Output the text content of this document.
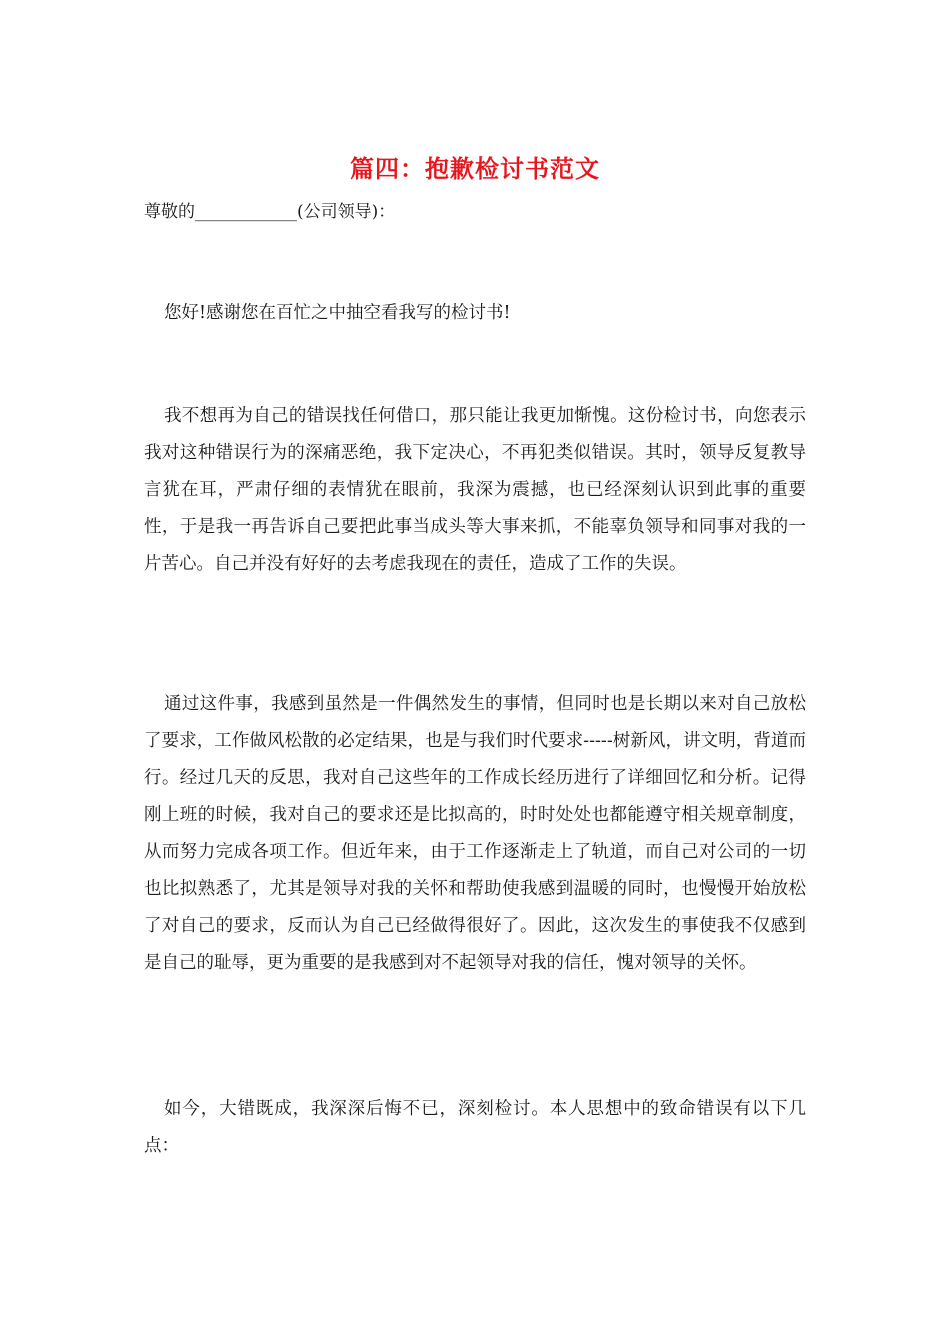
篇四：抱歉检讨书范文
尊敬的____________(公司领导)：

您好!感谢您在百忙之中抽空看我写的检讨书!

我不想再为自己的错误找任何借口，那只能让我更加惭愧。这份检讨书，向您表示我对这种错误行为的深痛恶绝，我下定决心，不再犯类似错误。其时，领导反复教导言犹在耳，严肃仔细的表情犹在眼前，我深为震撼，也已经深刻认识到此事的重要性，于是我一再告诉自己要把此事当成头等大事来抓，不能辜负领导和同事对我的一片苦心。自己并没有好好的去考虑我现在的责任，造成了工作的失误。

通过这件事，我感到虽然是一件偶然发生的事情，但同时也是长期以来对自己放松了要求，工作做风松散的必定结果，也是与我们时代要求-----树新风，讲文明，背道而行。经过几天的反思，我对自己这些年的工作成长经历进行了详细回忆和分析。记得刚上班的时候，我对自己的要求还是比拟高的，时时处处也都能遵守相关规章制度，从而努力完成各项工作。但近年来，由于工作逐渐走上了轨道，而自己对公司的一切也比拟熟悉了，尤其是领导对我的关怀和帮助使我感到温暖的同时，也慢慢开始放松了对自己的要求，反而认为自己已经做得很好了。因此，这次发生的事使我不仅感到是自己的耻辱，更为重要的是我感到对不起领导对我的信任，愧对领导的关怀。

如今，大错既成，我深深后悔不已，深刻检讨。本人思想中的致命错误有以下几点：
